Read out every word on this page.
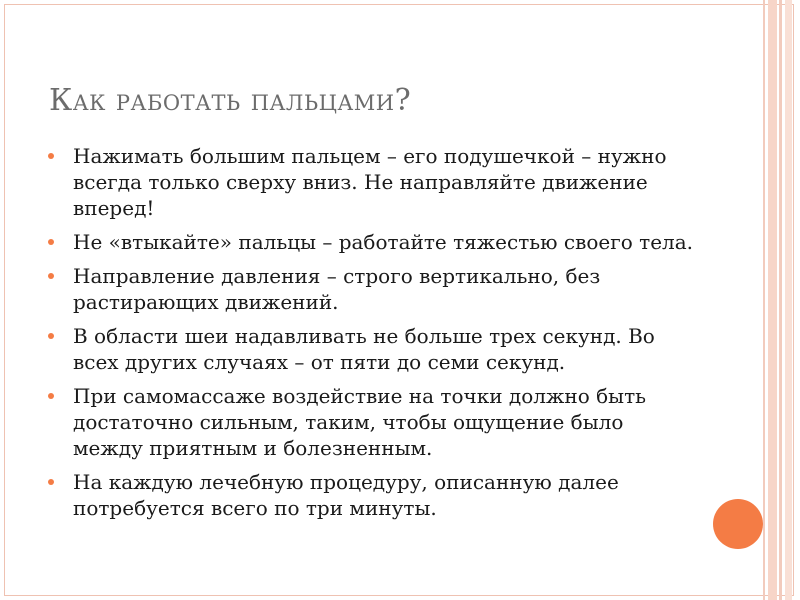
Как работать пальцами?
Нажимать большим пальцем – его подушечкой – нужно всегда только сверху вниз. Не направляйте движение вперед!
Не «втыкайте» пальцы – работайте тяжестью своего тела.
Направление давления – строго вертикально, без растирающих движений.
В области шеи надавливать не больше трех секунд. Во всех других случаях – от пяти до семи секунд.
При самомассаже воздействие на точки должно быть достаточно сильным, таким, чтобы ощущение было между приятным и болезненным.
На каждую лечебную процедуру, описанную далее потребуется всего по три минуты.
